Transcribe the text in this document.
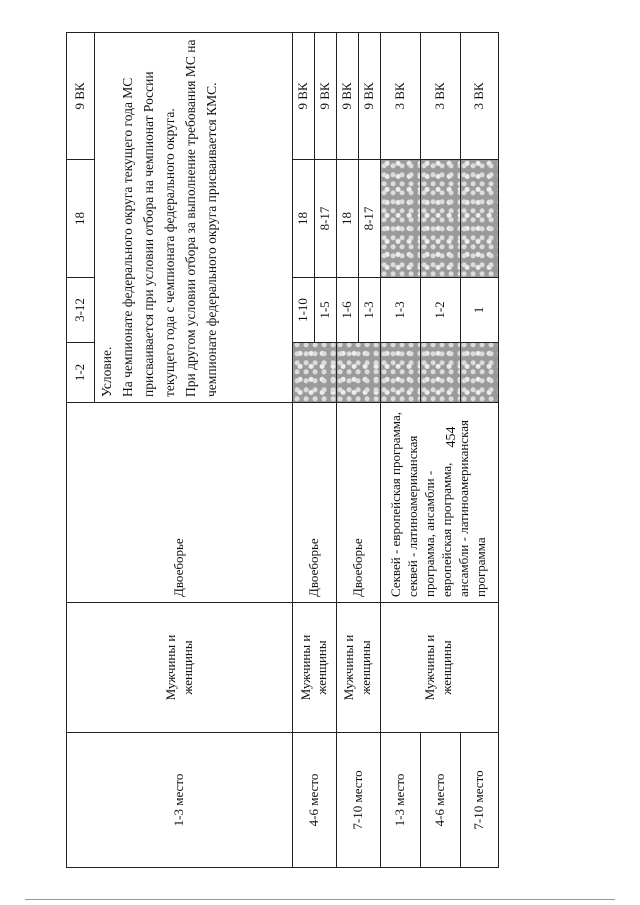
454
1-3 место	Мужчины и женщины	Двоеборье	1-2	3-12	18	9 ВК

			Условие. На чемпионате федерального округа текущего года МС присваивается при условии отбора на чемпионат России текущего года с чемпионата федерального округа. При другом условии отбора за выполнение требования МС на чемпионате федерального округа присваивается КМС.			

4-6 место	Мужчины и женщины	Двоеборье		1-10	18	9 ВК
				1-5	8-17	9 ВК
7-10 место	Мужчины и женщины	Двоеборье		1-6	18	9 ВК
				1-3	8-17	9 ВК
1-3 место	Мужчины и женщины	Секвей - европейская программа, секвей - латиноамериканская программа, ансамбли - европейская программа, ансамбли - латиноамериканская программа		1-3		3 ВК
4-6 место				1-2		3 ВК
7-10 место				1		3 ВК
